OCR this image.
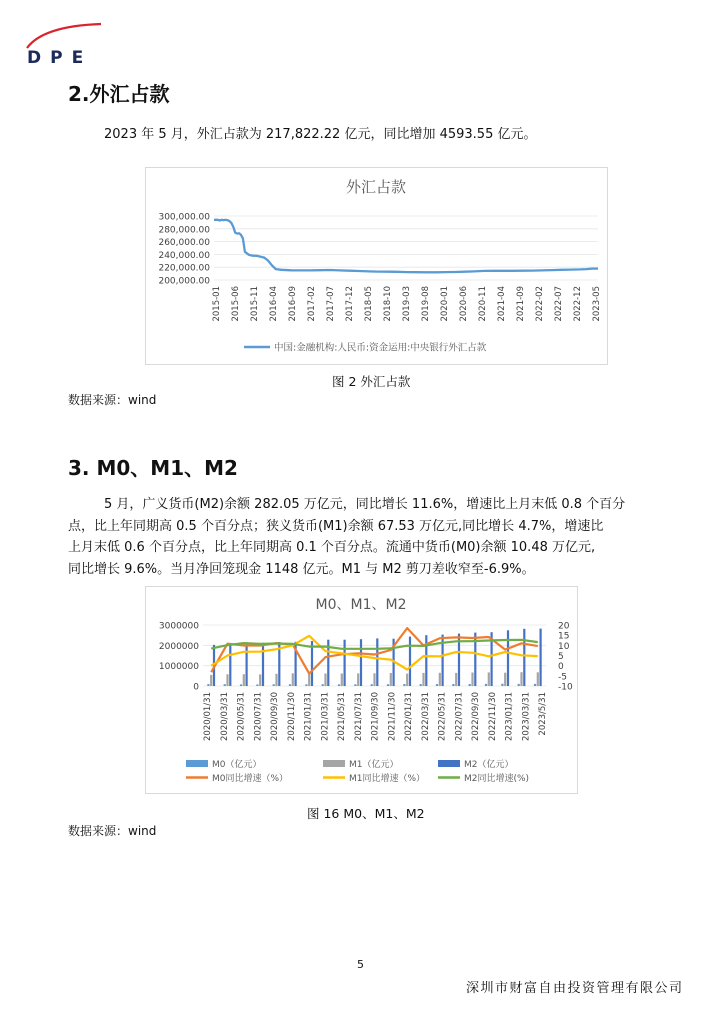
DPE
2.外汇占款

2023 年 5 月，外汇占款为 217,822.22 亿元，同比增加 4593.55 亿元。

外汇占款
300,000.00
280,000.00
260,000.00
240,000.00
220,000.00
200,000.00
2015-01 2015-06 2015-11 2016-04 2016-09 2017-02 2017-07 2017-12 2018-05 2018-10 2019-03 2019-08 2020-01 2020-06 2020-11 2021-04 2021-09 2022-02 2022-07 2022-12 2023-05
中国:金融机构:人民币:资金运用:中央银行外汇占款
图 2 外汇占款
数据来源：wind
3. M0、M1、M2

5 月，广义货币(M2)余额 282.05 万亿元，同比增长 11.6%，增速比上月末低 0.8 个百分
点，比上年同期高 0.5 个百分点；狭义货币(M1)余额 67.53 万亿元,同比增长 4.7%，增速比
上月末低 0.6 个百分点，比上年同期高 0.1 个百分点。流通中货币(M0)余额 10.48 万亿元,
同比增长 9.6%。当月净回笼现金 1148 亿元。M1 与 M2 剪刀差收窄至-6.9%。

M0、M1、M2
3000000
2000000
1000000
0
20
15
10
5
0
-5
-10
2020/01/31 2020/03/31 2020/05/31 2020/07/31 2020/09/30 2020/11/30 2021/01/31 2021/03/31 2021/05/31 2021/07/31 2021/09/30 2021/11/30 2022/01/31 2022/03/31 2022/05/31 2022/07/31 2022/09/30 2022/11/30 2023/01/31 2023/03/31 2023/5/31
M0（亿元）	M1（亿元）	M2（亿元）
M0同比增速（%）	M1同比增速（%）	M2同比增速(%)
图 16 M0、M1、M2
数据来源：wind
5
深圳市财富自由投资管理有限公司
